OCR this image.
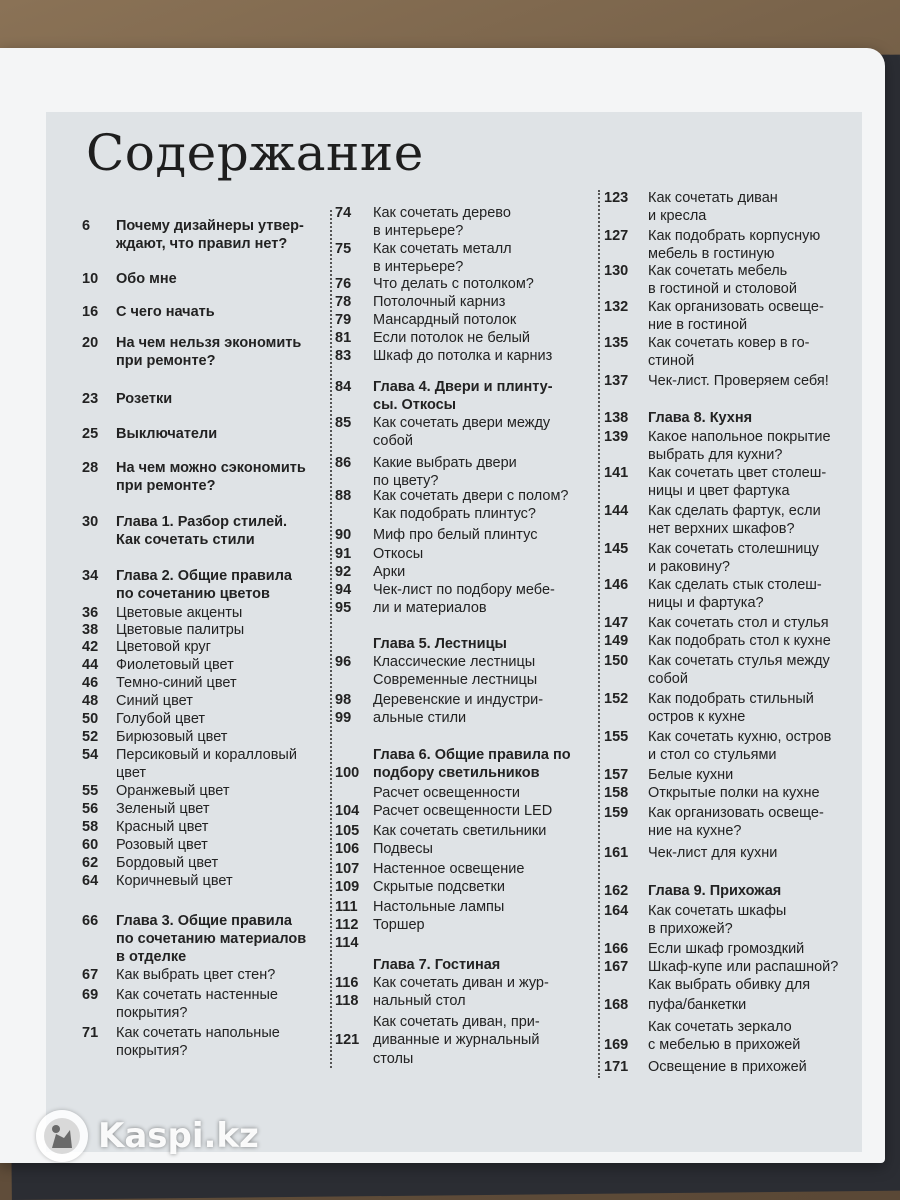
Содержание
6	Почему дизайнеры утвер-
ждают, что правил нет?
10	Обо мне
16	С чего начать
20	На чем нельзя экономить
при ремонте?
23	Розетки
25	Выключатели
28	На чем можно сэкономить
при ремонте?
30	Глава 1. Разбор стилей.
Как сочетать стили
34	Глава 2. Общие правила
по сочетанию цветов
36	Цветовые акценты
38	Цветовые палитры
42	Цветовой круг
44	Фиолетовый цвет
46	Темно-синий цвет
48	Синий цвет
50	Голубой цвет
52	Бирюзовый цвет
54	Персиковый и коралловый
цвет
55	Оранжевый цвет
56	Зеленый цвет
58	Красный цвет
60	Розовый цвет
62	Бордовый цвет
64	Коричневый цвет
66	Глава 3. Общие правила
по сочетанию материалов
в отделке
67	Как выбрать цвет стен?
69	Как сочетать настенные
покрытия?
71	Как сочетать напольные
покрытия?
74	Как сочетать дерево
в интерьере?
75	Как сочетать металл
в интерьере?
76	Что делать с потолком?
78	Потолочный карниз
79	Мансардный потолок
81	Если потолок не белый
83	Шкаф до потолка и карниз
84	Глава 4. Двери и плинту-
сы. Откосы
85	Как сочетать двери между
собой
86	Какие выбрать двери
по цвету?
88	Как сочетать двери с полом?
Как подобрать плинтус?
90	Миф про белый плинтус
91	Откосы
92	Арки
94	Чек-лист по подбору мебе-
95	ли и материалов
Глава 5. Лестницы
96	Классические лестницы
Современные лестницы
98	Деревенские и индустри-
99	альные стили
Глава 6. Общие правила по
100 подбору светильников
Расчет освещенности
104 Расчет освещенности LED
105 Как сочетать светильники
106 Подвесы
107 Настенное освещение
109 Скрытые подсветки
111	Настольные лампы
112	Торшер
114
Глава 7. Гостиная
116	Как сочетать диван и жур-
118	нальный стол
Как сочетать диван, при-
121 диванные и журнальный
столы
123	Как сочетать диван
и кресла
127	Как подобрать корпусную
мебель в гостиную
130	Как сочетать мебель
в гостиной и столовой
132	Как организовать освеще-
ние в гостиной
135	Как сочетать ковер в го-
стиной
137	Чек-лист. Проверяем себя!
138	Глава 8. Кухня
139	Какое напольное покрытие
выбрать для кухни?
141	Как сочетать цвет столеш-
ницы и цвет фартука
144	Как сделать фартук, если
нет верхних шкафов?
145	Как сочетать столешницу
и раковину?
146	Как сделать стык столеш-
ницы и фартука?
147	Как сочетать стол и стулья
149	Как подобрать стол к кухне
150	Как сочетать стулья между
собой
152	Как подобрать стильный
остров к кухне
155	Как сочетать кухню, остров
и стол со стульями
157	Белые кухни
158	Открытые полки на кухне
159	Как организовать освеще-
ние на кухне?
161	Чек-лист для кухни
162	Глава 9. Прихожая
164	Как сочетать шкафы
в прихожей?
166	Если шкаф громоздкий
167	Шкаф-купе или распашной?
Как выбрать обивку для
168	пуфа/банкетки
Как сочетать зеркало
169	с мебелью в прихожей
171	Освещение в прихожей
Kaspi.kz
